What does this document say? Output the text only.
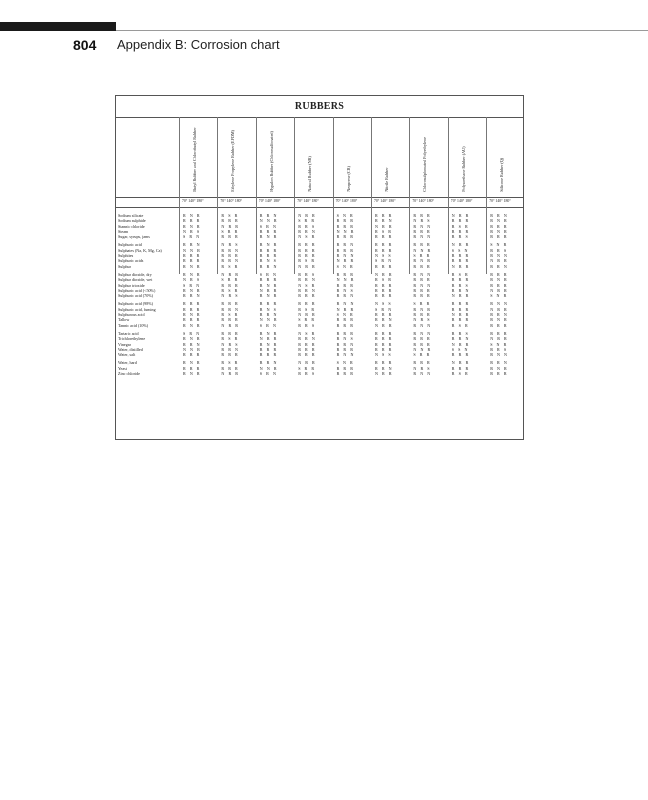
804 Appendix B: Corrosion chart
RUBBERS
Butyl Rubber and Chlorobutyl Rubber
70° 140° 180°
Ethylene Propylene Rubber (EPDM)
70° 140° 180°
Hypalon Rubber (Chlorosulfonated)
70° 140° 180°
Natural Rubber (NR)
70° 140° 180°
Neoprene (CR)
70° 140° 180°
Nitrile Rubber
70° 140° 180°
Chlorosulphonated Polyethylene
70° 140° 180°
Polyurethane Rubber (AU)
70° 140° 180°
Silicone Rubber (Q)
70° 140° 180°
Sodium silicate
Sodium sulphide
Stannic chloride
Steam
Sugar, syrups, jams
Sulphuric acid
Sulphates (Na, K, Mg, Ca)
Sulphites
Sulphuric acids
Sulphur
Sulphur dioxide, dry
Sulphur dioxide, wet
Sulphur trioxide
Sulphuric acid (<50%)
Sulphuric acid (70%)
Sulphuric acid (98%)
Sulphuric acid, fuming
Sulphurous acid
Tallow
Tannic acid (10%)
Tartaric acid
Trichlorethylene
Vinegar
Water, distilled
Water, salt
Water, hard
Yeast
Zinc chloride
R N R
R R R
R N R
N R S
S R N
R R N
N N R
R R R
R R R
R N R
R N R
N R S
S R N
R N R
R R N
R R R
R R R
R N R
R R R
R N R
S R N
R N R
R R N
N N R
R R R
R N R
R R R
R N R
R S R
R R R
N R R
S R R
R R R
N R S
R R N
R R R
R R N
R S R
N R R
S R R
R R R
R S R
N R S
R R R
R R N
R S R
R R R
N R R
R R R
R S R
N R S
R R N
R R R
R S R
R R R
N R R
R R N
N N R
S R N
R R R
R N R
R N R
R R R
R R R
R N S
R R N
S R N
R R R
R N R
N R R
R N R
R R R
R N S
R R N
N N R
S R N
R N R
N R R
R N R
R R R
R R R
R R N
N N R
S R N
N R R
S R R
R R S
R R N
N S R
R R R
R R R
R R R
R S R
N R R
R R S
R R N
N S R
R R N
R R R
R R R
R S R
N R R
S R R
R R S
N S R
R R N
R R R
R R R
R R R
N R R
S R R
R R S
S N R
R R R
R R R
N N R
R R R
R R N
R R R
R N N
N R R
S N R
R R R
N N R
R R R
R N S
R R N
R N N
N R R
S N R
R R R
R R R
R R R
R N S
R R N
R R R
R N N
S N R
R R R
R R R
R R R
R R N
N R R
R S R
R R R
R R R
R R R
N S S
S R N
R R R
N R R
R S R
R R R
R R R
R R R
N S S
S R N
R R R
R R N
N R R
R R R
R R R
R R R
R R R
N S S
R R R
R R N
N R R
R R R
N R S
R N N
R R R
R N N
R R R
N N R
S R R
R N R
R R R
R N N
R R R
R N N
R R R
R R R
S R R
R N R
R R R
N R S
R N N
R N N
R R R
R R R
N N R
S R R
R R R
N R S
R N N
N R R
R R R
R S R
R R R
R R S
N R R
S S N
R R R
R R R
N R R
R S R
R R R
R R S
R R N
N R R
R R R
R R R
N R R
R R R
R S R
R R S
R R N
N R R
S S N
R R R
N R R
R R R
R S R
R R N
R N R
R R R
R N R
R R R
S N R
R R S
R N N
N R R
R R N
R R R
R N R
R R R
N R R
S N R
R N N
N R R
R R N
R N R
R R R
R R R
N R R
S N R
R R S
R N N
R R N
R N R
R R R
